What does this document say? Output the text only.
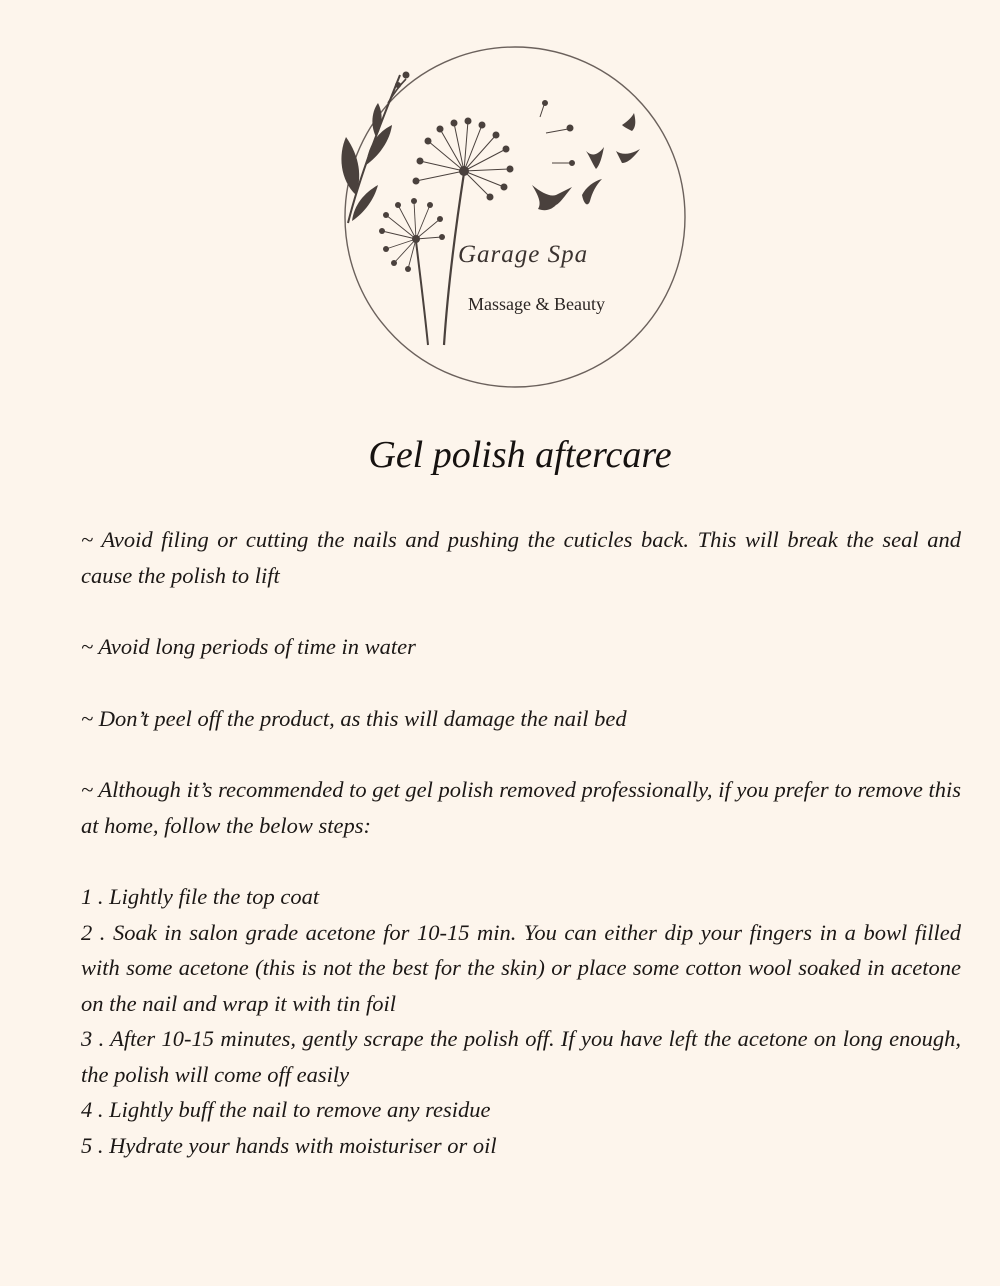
Garage Spa
Massage & Beauty
Gel polish aftercare

~ Avoid filing or cutting the nails and pushing the cuticles back. This will break the seal and cause the polish to lift

~ Avoid long periods of time in water

~ Don’t peel off the product, as this will damage the nail bed

~ Although it’s recommended to get gel polish removed professionally, if you prefer to remove this at home, follow the below steps:

1 . Lightly file the top coat
2 . Soak in salon grade acetone for 10-15 min. You can either dip your fingers in a bowl filled with some acetone (this is not the best for the skin) or place some cotton wool soaked in acetone on the nail and wrap it with tin foil
3 . After 10-15 minutes, gently scrape the polish off. If you have left the acetone on long enough, the polish will come off easily
4 . Lightly buff the nail to remove any residue
5 . Hydrate your hands with moisturiser or oil
